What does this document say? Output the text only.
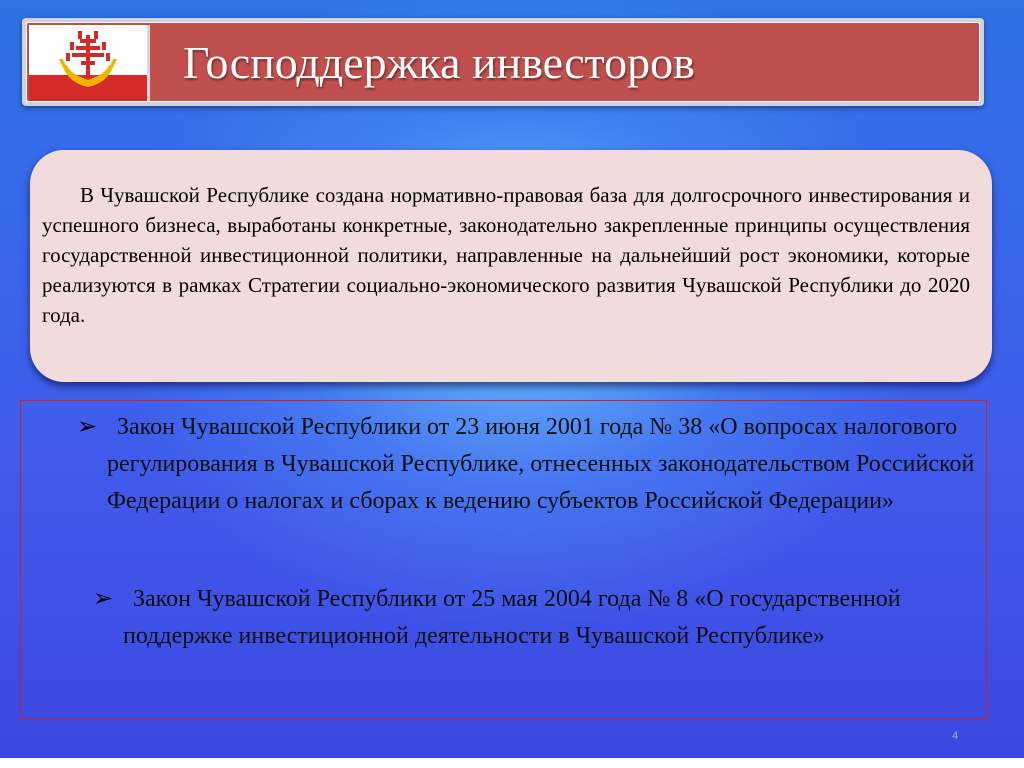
Господдержка инвесторов

В Чувашской Республике создана нормативно-правовая база для долгосрочного инвестирования и успешного бизнеса, выработаны конкретные, законодательно закрепленные принципы осуществления государственной инвестиционной политики, направленные на дальнейший рост экономики, которые реализуются в рамках Стратегии социально-экономического развития Чувашской Республики до 2020 года.

➢ Закон Чувашской Республики от 23 июня 2001 года № 38 «О вопросах налогового регулирования в Чувашской Республике, отнесенных законодательством Российской Федерации о налогах и сборах к ведению субъектов Российской Федерации»
➢ Закон Чувашской Республики от 25 мая 2004 года № 8 «О государственной поддержке инвестиционной деятельности в Чувашской Республике»
4
